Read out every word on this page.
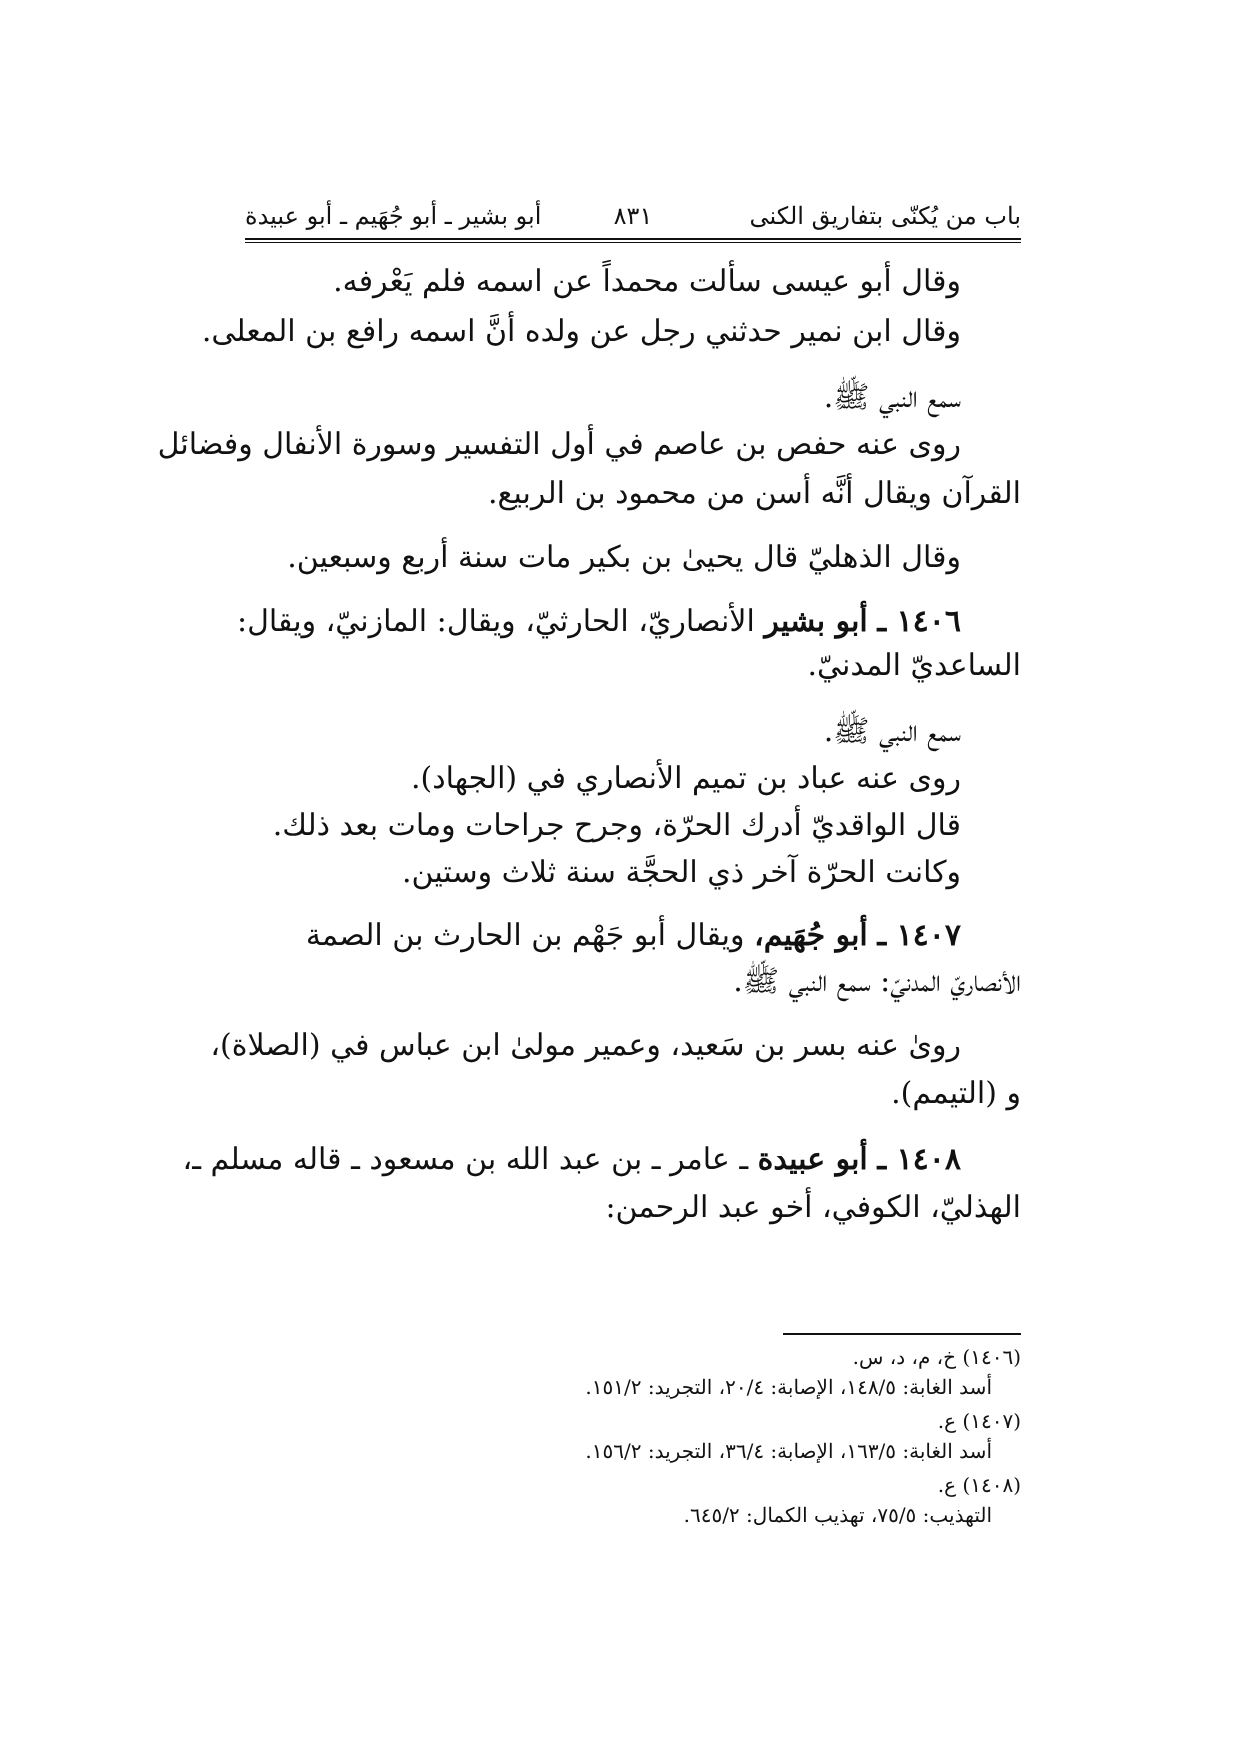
باب من يُكنّى بتفاريق الكنى
٨٣١
أبو بشير ـ أبو جُهَيم ـ أبو عبيدة
وقال أبو عيسى سألت محمداً عن اسمه فلم يَعْرفه.
وقال ابن نمير حدثني رجل عن ولده أنَّ اسمه رافع بن المعلى.
سمع النبي ﷺ.
روى عنه حفص بن عاصم في أول التفسير وسورة الأنفال وفضائل
القرآن ويقال أنَّه أسن من محمود بن الربيع.
وقال الذهليّ قال يحيىٰ بن بكير مات سنة أربع وسبعين.
١٤٠٦ ـ أبو بشير الأنصاريّ، الحارثيّ، ويقال: المازنيّ، ويقال:
الساعديّ المدنيّ.
سمع النبي ﷺ.
روى عنه عباد بن تميم الأنصاري في (الجهاد).
قال الواقديّ أدرك الحرّة، وجرح جراحات ومات بعد ذلك.
وكانت الحرّة آخر ذي الحجَّة سنة ثلاث وستين.
١٤٠٧ ـ أبو جُهَيم، ويقال أبو جَهْم بن الحارث بن الصمة
الأنصاريّ المدنيّ: سمع النبي ﷺ.
رویٰ عنه بسر بن سَعيد، وعمير مولىٰ ابن عباس في (الصلاة)،
و (التيمم).
١٤٠٨ ـ أبو عبيدة ـ عامر ـ بن عبد الله بن مسعود ـ قاله مسلم ـ،
الهذليّ، الكوفي، أخو عبد الرحمن:
(١٤٠٦) خ، م، د، س.
أسد الغابة: ١٤٨/٥، الإصابة: ٢٠/٤، التجريد: ١٥١/٢.
(١٤٠٧) ع.
أسد الغابة: ١٦٣/٥، الإصابة: ٣٦/٤، التجريد: ١٥٦/٢.
(١٤٠٨) ع.
التهذيب: ٧٥/٥، تهذيب الكمال: ٦٤٥/٢.
